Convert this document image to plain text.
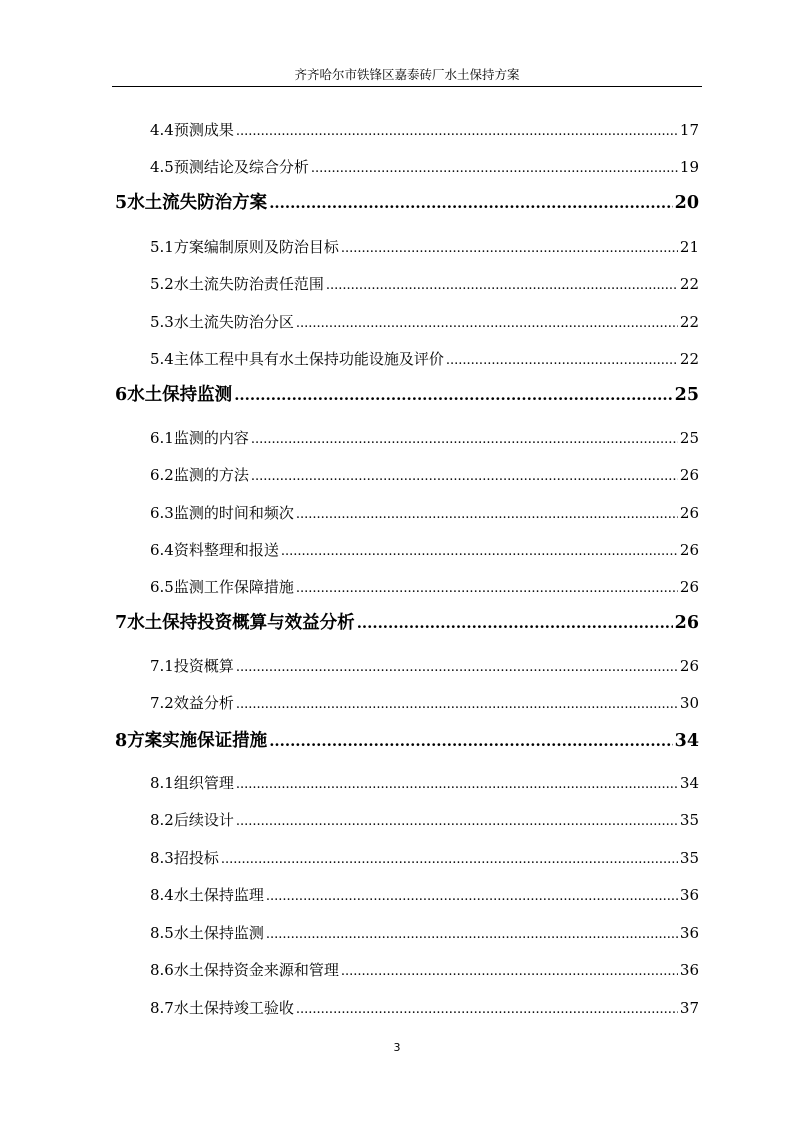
齐齐哈尔市铁锋区嘉泰砖厂水土保持方案
4.4 预测成果 .....	17
4.5 预测结论及综合分析 .....	19
5 水土流失防治方案 .....	20
5.1 方案编制原则及防治目标 .....	21
5.2 水土流失防治责任范围 .....	22
5.3 水土流失防治分区 .....	22
5.4 主体工程中具有水土保持功能设施及评价 .....	22
6 水土保持监测 .....	25
6.1 监测的内容 .....	25
6.2 监测的方法 .....	26
6.3 监测的时间和频次 .....	26
6.4 资料整理和报送 .....	26
6.5 监测工作保障措施 .....	26
7 水土保持投资概算与效益分析 .....	26
7.1 投资概算 .....	26
7.2 效益分析 .....	30
8 方案实施保证措施 .....	34
8.1 组织管理 .....	34
8.2 后续设计 .....	35
8.3 招投标 .....	35
8.4 水土保持监理 .....	36
8.5 水土保持监测 .....	36
8.6 水土保持资金来源和管理 .....	36
8.7 水土保持竣工验收 .....	37
3
